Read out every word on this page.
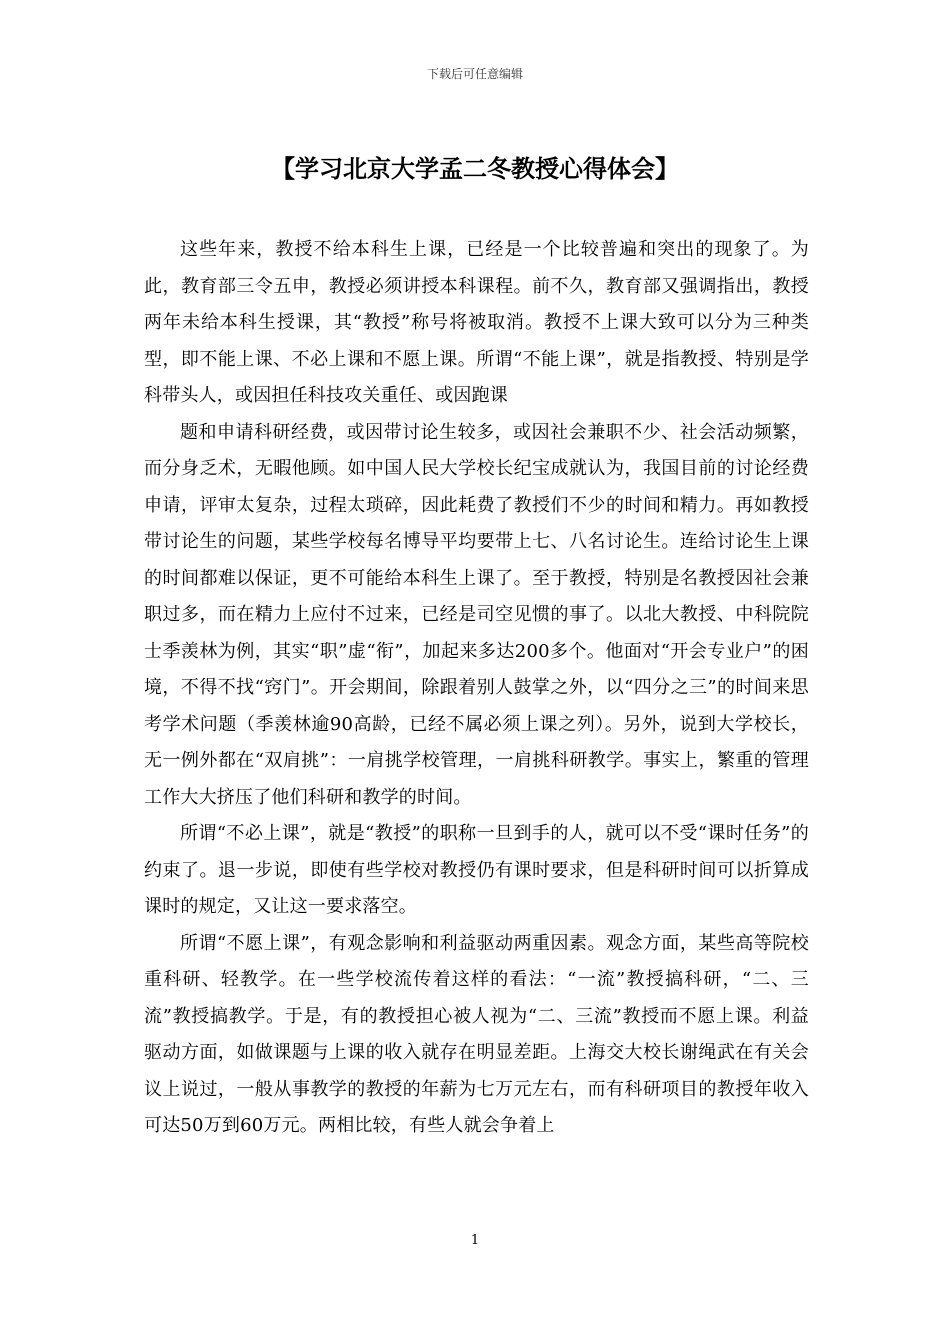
下载后可任意编辑
【学习北京大学孟二冬教授心得体会】

这些年来，教授不给本科生上课，已经是一个比较普遍和突出的现象了。为此，教育部三令五申，教授必须讲授本科课程。前不久，教育部又强调指出，教授两年未给本科生授课，其“教授”称号将被取消。教授不上课大致可以分为三种类型，即不能上课、不必上课和不愿上课。所谓“不能上课”，就是指教授、特别是学科带头人，或因担任科技攻关重任、或因跑课

题和申请科研经费，或因带讨论生较多，或因社会兼职不少、社会活动频繁，而分身乏术，无暇他顾。如中国人民大学校长纪宝成就认为，我国目前的讨论经费申请，评审太复杂，过程太琐碎，因此耗费了教授们不少的时间和精力。再如教授带讨论生的问题，某些学校每名博导平均要带上七、八名讨论生。连给讨论生上课的时间都难以保证，更不可能给本科生上课了。至于教授，特别是名教授因社会兼职过多，而在精力上应付不过来，已经是司空见惯的事了。以北大教授、中科院院士季羡林为例，其实“职”虚“衔”，加起来多达200多个。他面对“开会专业户”的困境，不得不找“窍门”。开会期间，除跟着别人鼓掌之外，以“四分之三”的时间来思考学术问题（季羡林逾90高龄，已经不属必须上课之列）。另外，说到大学校长，无一例外都在“双肩挑”：一肩挑学校管理，一肩挑科研教学。事实上，繁重的管理工作大大挤压了他们科研和教学的时间。

所谓“不必上课”，就是“教授”的职称一旦到手的人，就可以不受“课时任务”的约束了。退一步说，即使有些学校对教授仍有课时要求，但是科研时间可以折算成课时的规定，又让这一要求落空。

所谓“不愿上课”，有观念影响和利益驱动两重因素。观念方面，某些高等院校重科研、轻教学。在一些学校流传着这样的看法：“一流”教授搞科研，“二、三流”教授搞教学。于是，有的教授担心被人视为“二、三流”教授而不愿上课。利益驱动方面，如做课题与上课的收入就存在明显差距。上海交大校长谢绳武在有关会议上说过，一般从事教学的教授的年薪为七万元左右，而有科研项目的教授年收入可达50万到60万元。两相比较，有些人就会争着上

1
